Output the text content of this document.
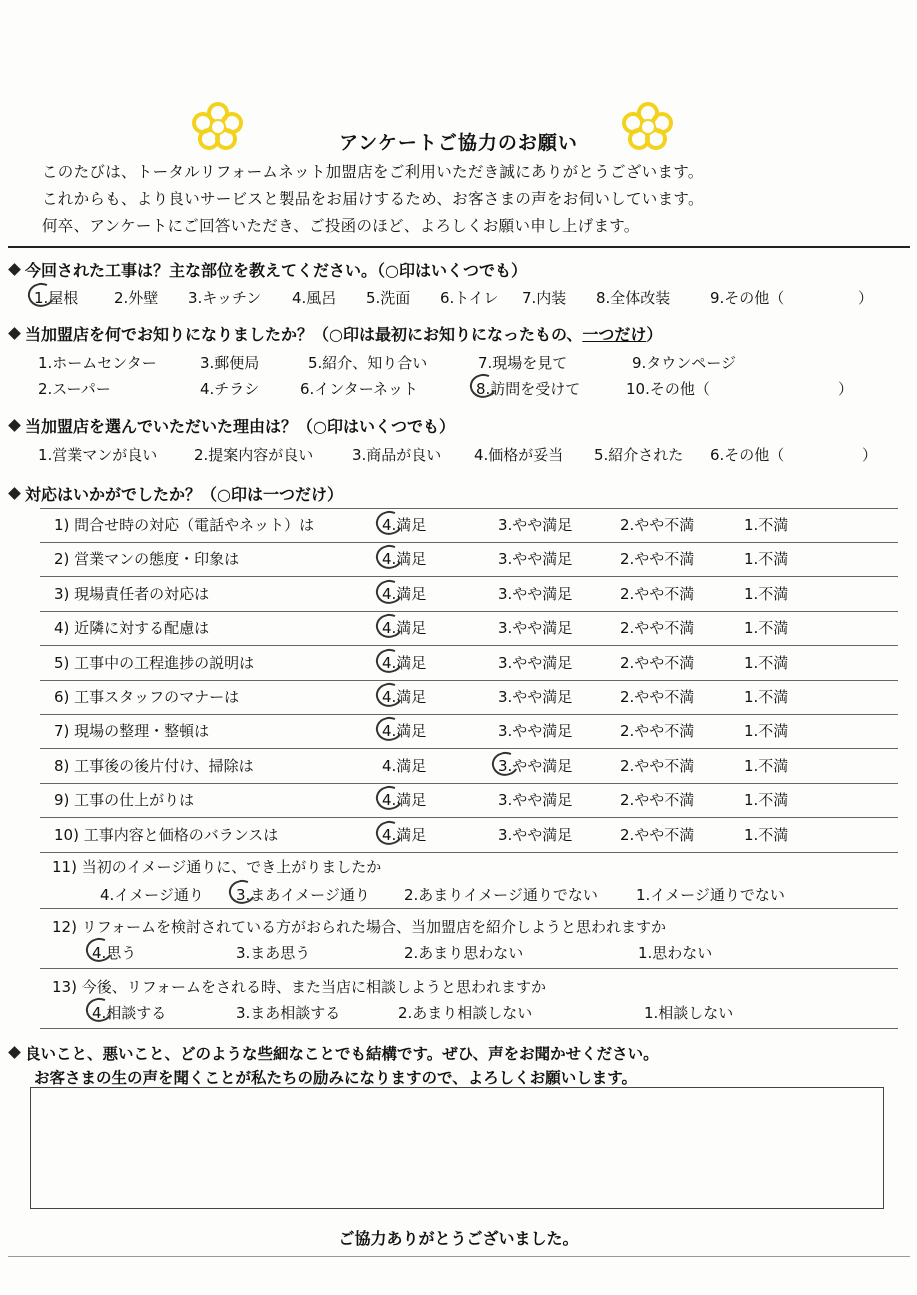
アンケートご協力のお願い
このたびは、トータルリフォームネット加盟店をご利用いただき誠にありがとうございます。
これからも、より良いサービスと製品をお届けするため、お客さまの声をお伺いしています。
何卒、アンケートにご回答いただき、ご投函のほど、よろしくお願い申し上げます。
今回された工事は？主な部位を教えてください。（○印はいくつでも）
1.屋根 2.外壁 3.キッチン 4.風呂 5.洗面 6.トイレ 7.内装 8.全体改装	9.その他（	）
当加盟店を何でお知りになりましたか？（○印は最初にお知りになったもの、一つだけ）
1.ホームセンター	3.郵便局	5.紹介、知り合い	7.現場を見て	9.タウンページ
2.スーパー	4.チラシ	6.インターネット	8.訪問を受けて	10.その他（	）
当加盟店を選んでいただいた理由は？（○印はいくつでも）
1.営業マンが良い 2.提案内容が良い	3.商品が良い 4.価格が妥当 5.紹介された 6.その他（	）
対応はいかがでしたか？（○印は一つだけ）
1) 問合せ時の対応（電話やネット）は	4.満足	3.やや満足	2.やや不満	1.不満
2) 営業マンの態度・印象は	4.満足	3.やや満足	2.やや不満	1.不満
3) 現場責任者の対応は	4.満足	3.やや満足	2.やや不満	1.不満
4) 近隣に対する配慮は	4.満足	3.やや満足	2.やや不満	1.不満
5) 工事中の工程進捗の説明は	4.満足	3.やや満足	2.やや不満	1.不満
6) 工事スタッフのマナーは	4.満足	3.やや満足	2.やや不満	1.不満
7) 現場の整理・整頓は	4.満足	3.やや満足	2.やや不満	1.不満
8) 工事後の後片付け、掃除は	4.満足	3.やや満足	2.やや不満	1.不満
9) 工事の仕上がりは	4.満足	3.やや満足	2.やや不満	1.不満
10) 工事内容と価格のバランスは	4.満足	3.やや満足	2.やや不満	1.不満
11) 当初のイメージ通りに、でき上がりましたか
4.イメージ通り 3.まあイメージ通り 2.あまりイメージ通りでない	1.イメージ通りでない
12) リフォームを検討されている方がおられた場合、当加盟店を紹介しようと思われますか
4.思う	3.まあ思う	2.あまり思わない	1.思わない
13) 今後、リフォームをされる時、また当店に相談しようと思われますか
4.相談する	3.まあ相談する	2.あまり相談しない	1.相談しない
良いこと、悪いこと、どのような些細なことでも結構です。ぜひ、声をお聞かせください。
お客さまの生の声を聞くことが私たちの励みになりますので、よろしくお願いします。
ご協力ありがとうございました。
